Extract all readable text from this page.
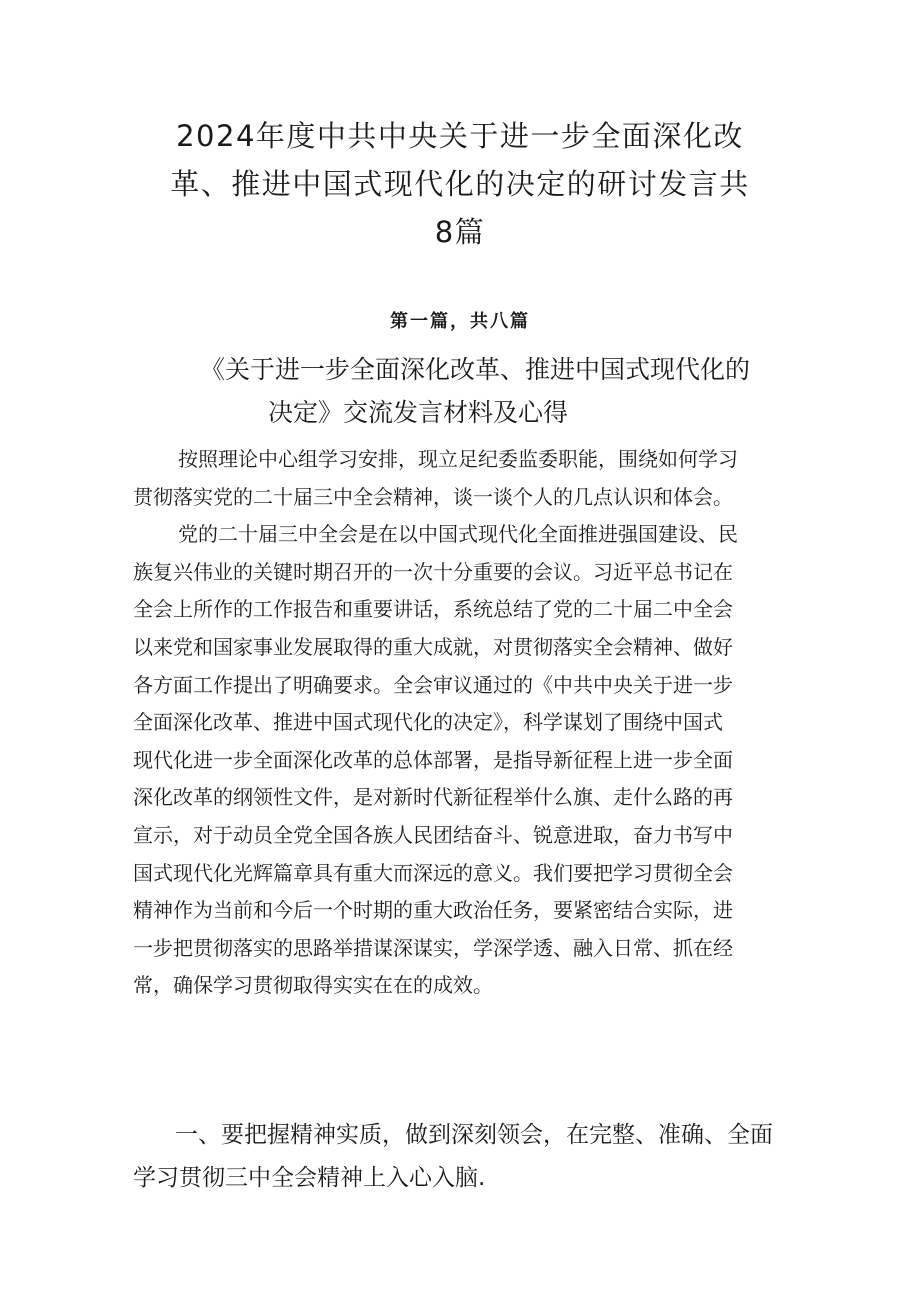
2024年度中共中央关于进一步全面深化改
革、推进中国式现代化的决定的研讨发言共
8篇
第一篇，共八篇
《关于进一步全面深化改革、推进中国式现代化的
决定》交流发言材料及心得
按照理论中心组学习安排，现立足纪委监委职能，围绕如何学习
贯彻落实党的二十届三中全会精神，谈一谈个人的几点认识和体会。
党的二十届三中全会是在以中国式现代化全面推进强国建设、民
族复兴伟业的关键时期召开的一次十分重要的会议。习近平总书记在
全会上所作的工作报告和重要讲话，系统总结了党的二十届二中全会
以来党和国家事业发展取得的重大成就，对贯彻落实全会精神、做好
各方面工作提出了明确要求。全会审议通过的《中共中央关于进一步
全面深化改革、推进中国式现代化的决定》，科学谋划了围绕中国式
现代化进一步全面深化改革的总体部署，是指导新征程上进一步全面
深化改革的纲领性文件，是对新时代新征程举什么旗、走什么路的再
宣示，对于动员全党全国各族人民团结奋斗、锐意进取，奋力书写中
国式现代化光辉篇章具有重大而深远的意义。我们要把学习贯彻全会
精神作为当前和今后一个时期的重大政治任务，要紧密结合实际，进
一步把贯彻落实的思路举措谋深谋实，学深学透、融入日常、抓在经
常，确保学习贯彻取得实实在在的成效。
一、要把握精神实质，做到深刻领会，在完整、准确、全面
学习贯彻三中全会精神上入心入脑.
